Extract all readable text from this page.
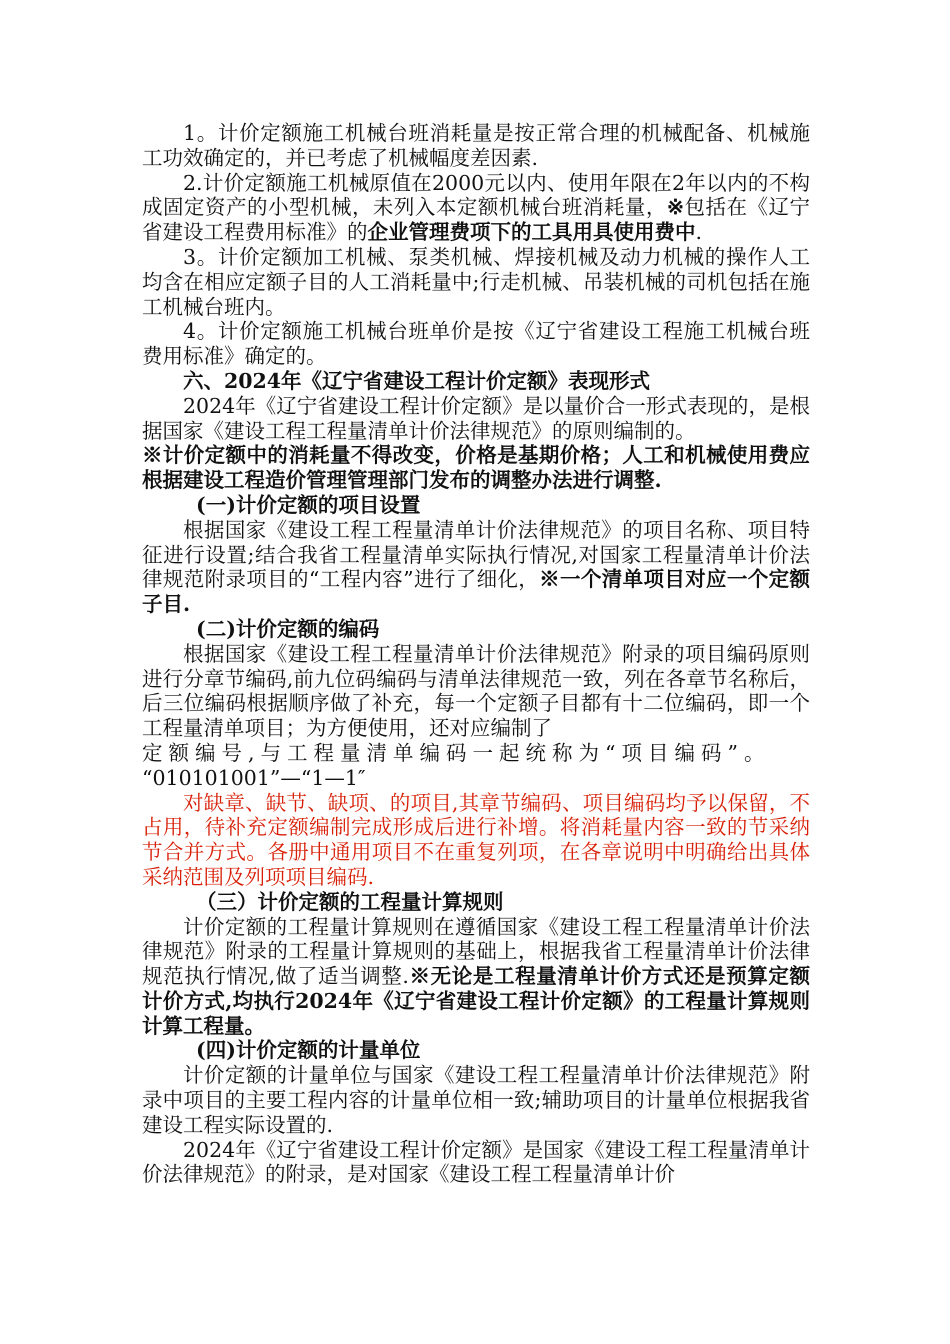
1。计价定额施工机械台班消耗量是按正常合理的机械配备、机械施工功效确定的，并已考虑了机械幅度差因素.

2.计价定额施工机械原值在2000元以内、使用年限在2年以内的不构成固定资产的小型机械，未列入本定额机械台班消耗量，※包括在《辽宁省建设工程费用标准》的企业管理费项下的工具用具使用费中.

3。计价定额加工机械、泵类机械、焊接机械及动力机械的操作人工均含在相应定额子目的人工消耗量中;行走机械、吊装机械的司机包括在施工机械台班内。

4。计价定额施工机械台班单价是按《辽宁省建设工程施工机械台班费用标准》确定的。

六、2024年《辽宁省建设工程计价定额》表现形式

2024年《辽宁省建设工程计价定额》是以量价合一形式表现的，是根据国家《建设工程工程量清单计价法律规范》的原则编制的。

※计价定额中的消耗量不得改变，价格是基期价格；人工和机械使用费应根据建设工程造价管理管理部门发布的调整办法进行调整.

(一)计价定额的项目设置

根据国家《建设工程工程量清单计价法律规范》的项目名称、项目特征进行设置;结合我省工程量清单实际执行情况,对国家工程量清单计价法律规范附录项目的“工程内容”进行了细化，※一个清单项目对应一个定额子目.

(二)计价定额的编码

根据国家《建设工程工程量清单计价法律规范》附录的项目编码原则进行分章节编码,前九位码编码与清单法律规范一致，列在各章节名称后，后三位编码根据顺序做了补充，每一个定额子目都有十二位编码，即一个工程量清单项目；为方便使用，还对应编制了

定额编号,与工程量清单编码一起统称为“项目编码”。

“010101001”—“1—1″

对缺章、缺节、缺项、的项目,其章节编码、项目编码均予以保留，不占用，待补充定额编制完成形成后进行补增。将消耗量内容一致的节采纳节合并方式。各册中通用项目不在重复列项，在各章说明中明确给出具体采纳范围及列项项目编码.

（三）计价定额的工程量计算规则

计价定额的工程量计算规则在遵循国家《建设工程工程量清单计价法律规范》附录的工程量计算规则的基础上，根据我省工程量清单计价法律规范执行情况,做了适当调整.※无论是工程量清单计价方式还是预算定额计价方式,均执行2024年《辽宁省建设工程计价定额》的工程量计算规则计算工程量。

(四)计价定额的计量单位

计价定额的计量单位与国家《建设工程工程量清单计价法律规范》附录中项目的主要工程内容的计量单位相一致;辅助项目的计量单位根据我省建设工程实际设置的.

2024年《辽宁省建设工程计价定额》是国家《建设工程工程量清单计价法律规范》的附录，是对国家《建设工程工程量清单计价
